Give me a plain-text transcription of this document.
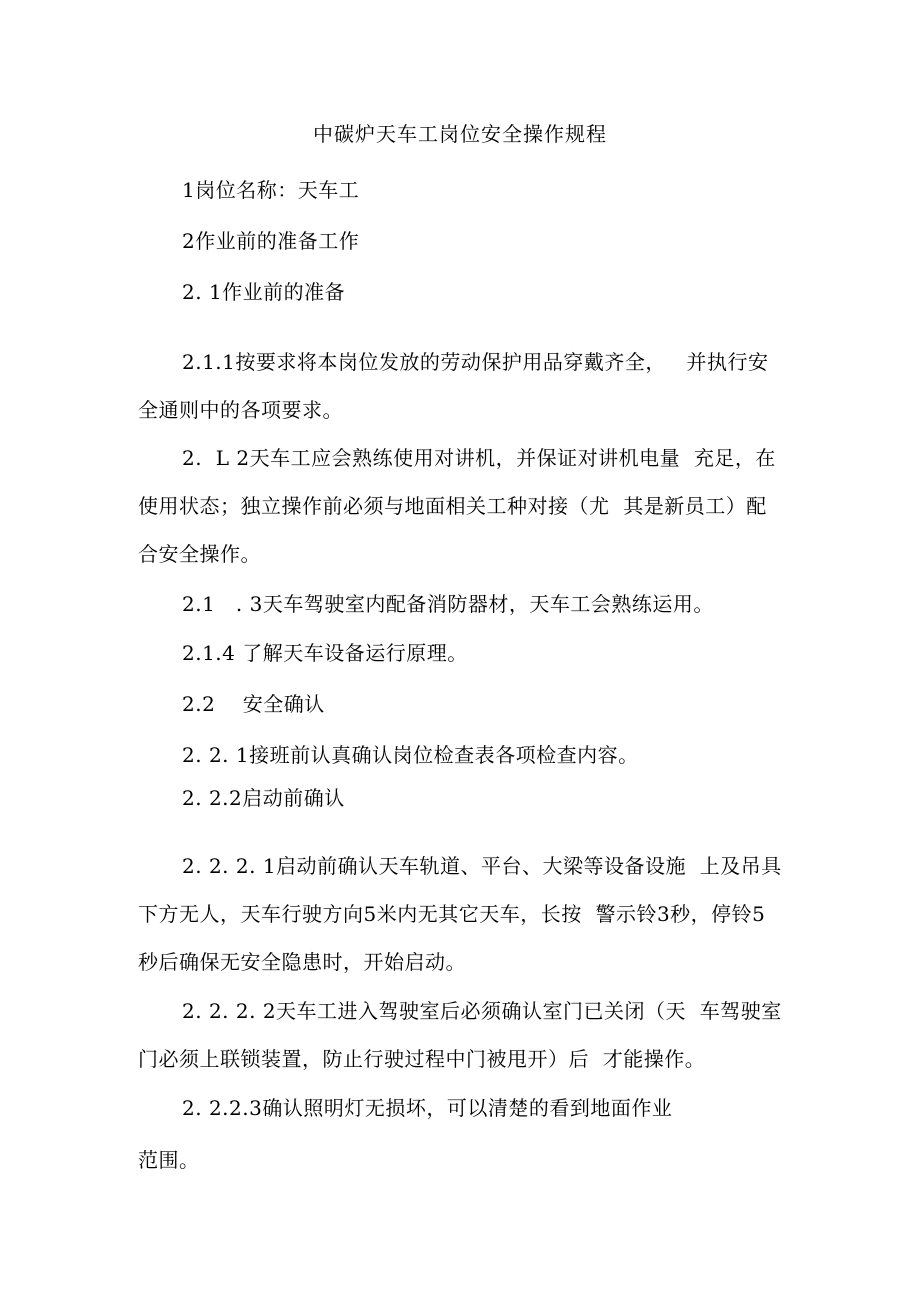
中碳炉天车工岗位安全操作规程
1岗位名称：天车工
2作业前的准备工作
2. 1作业前的准备
2.1.1按要求将本岗位发放的劳动保护用品穿戴齐全，   并执行安
全通则中的各项要求。
2.  L 2天车工应会熟练使用对讲机，并保证对讲机电量  充足，在
使用状态；独立操作前必须与地面相关工种对接（尤  其是新员工）配
合安全操作。
2.1   . 3天车驾驶室内配备消防器材，天车工会熟练运用。
2.1.4 了解天车设备运行原理。
2.2    安全确认
2. 2. 1接班前认真确认岗位检查表各项检查内容。
2. 2.2启动前确认
2. 2. 2. 1启动前确认天车轨道、平台、大梁等设备设施  上及吊具
下方无人，天车行驶方向5米内无其它天车，长按  警示铃3秒，停铃5
秒后确保无安全隐患时，开始启动。
2. 2. 2. 2天车工进入驾驶室后必须确认室门已关闭（天  车驾驶室
门必须上联锁装置，防止行驶过程中门被甩开）后  才能操作。
2. 2.2.3确认照明灯无损坏，可以清楚的看到地面作业
范围。
